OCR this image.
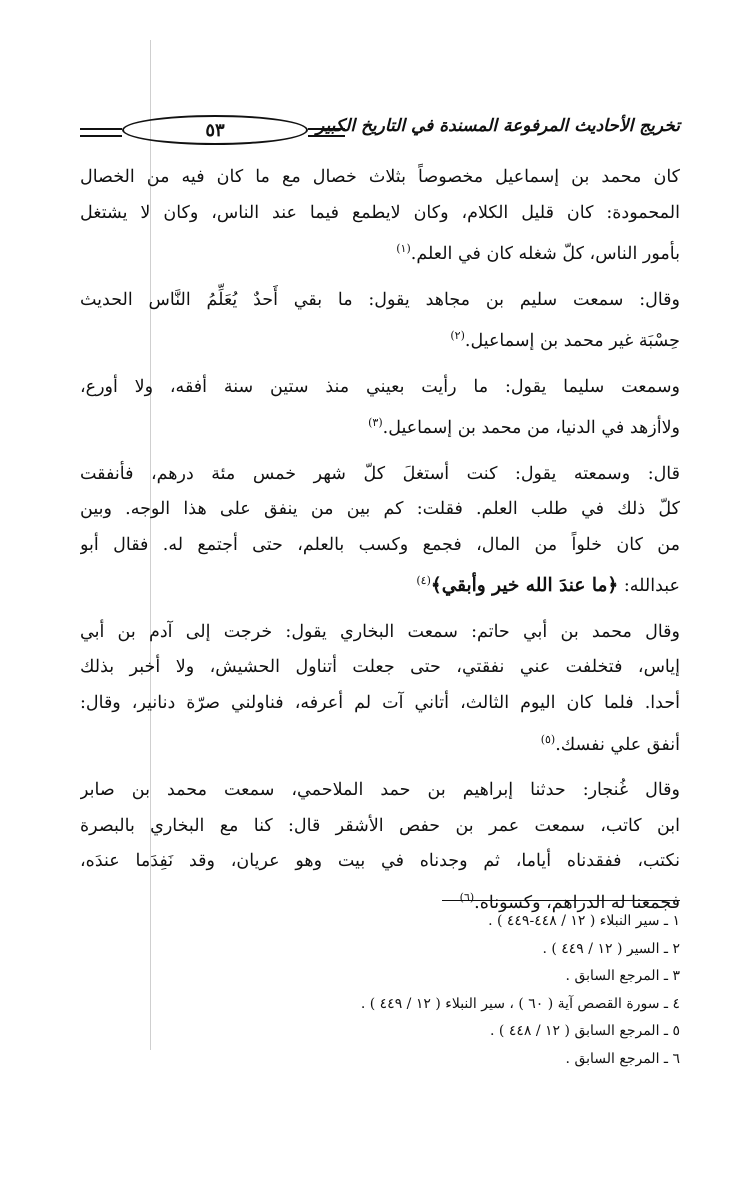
تخريج الأحاديث المرفوعة المسندة في التاريخ الكبير
٥٣
كان محمد بن إسماعيل مخصوصاً بثلاث خصال مع ما كان فيه من الخصال
المحمودة: كان قليل الكلام، وكان لايطمع فيما عند الناس، وكان لا يشتغل
بأمور الناس، كلّ شغله كان في العلم.$^{(١)}$
وقال: سمعت سليم بن مجاهد يقول: ما بقي أَحدٌ يُعَلِّمُ النَّاس الحديث
حِسْبَة غير محمد بن إسماعيل.$^{(٢)}$
وسمعت سليما يقول: ما رأيت بعيني منذ ستين سنة أفقه، ولا أورع،
ولاأزهد في الدنيا، من محمد بن إسماعيل.$^{(٣)}$
قال: وسمعته يقول: كنت أستغلَ كلّ شهر خمس مئة درهم، فأنفقت
كلّ ذلك في طلب العلم. فقلت: كم بين من ينفق على هذا الوجه. وبين
من كان خلواً من المال، فجمع وكسب بالعلم، حتى أجتمع له. فقال أبو
عبدالله: ﴿ما عندَ الله خير وأبقي﴾$^{(٤)}$
وقال محمد بن أبي حاتم: سمعت البخاري يقول: خرجت إلى آدم بن أبي
إياس، فتخلفت عني نفقتي، حتى جعلت أتناول الحشيش، ولا أخبر بذلك
أحدا. فلما كان اليوم الثالث، أتاني آت لم أعرفه، فناولني صرّة دنانير، وقال:
أنفق علي نفسك.$^{(٥)}$
وقال غُنجار: حدثنا إبراهيم بن حمد الملاحمي، سمعت محمد بن صابر
ابن كاتب، سمعت عمر بن حفص الأشقر قال: كنا مع البخاري بالبصرة
نكتب، ففقدناه أياما، ثم وجدناه في بيت وهو عريان، وقد نَفِدَما عندَه،
فجمعنا له الدراهم، وكسوناه.$^{(٦)}$
١ ـ سير النبلاء ( ١٢ / ٤٤٨-٤٤٩ ) .
٢ ـ السير ( ١٢ / ٤٤٩ ) .
٣ ـ المرجع السابق .
٤ ـ سورة القصص آية ( ٦٠ ) ، سير النبلاء ( ١٢ / ٤٤٩ ) .
٥ ـ المرجع السابق ( ١٢ / ٤٤٨ ) .
٦ ـ المرجع السابق .
